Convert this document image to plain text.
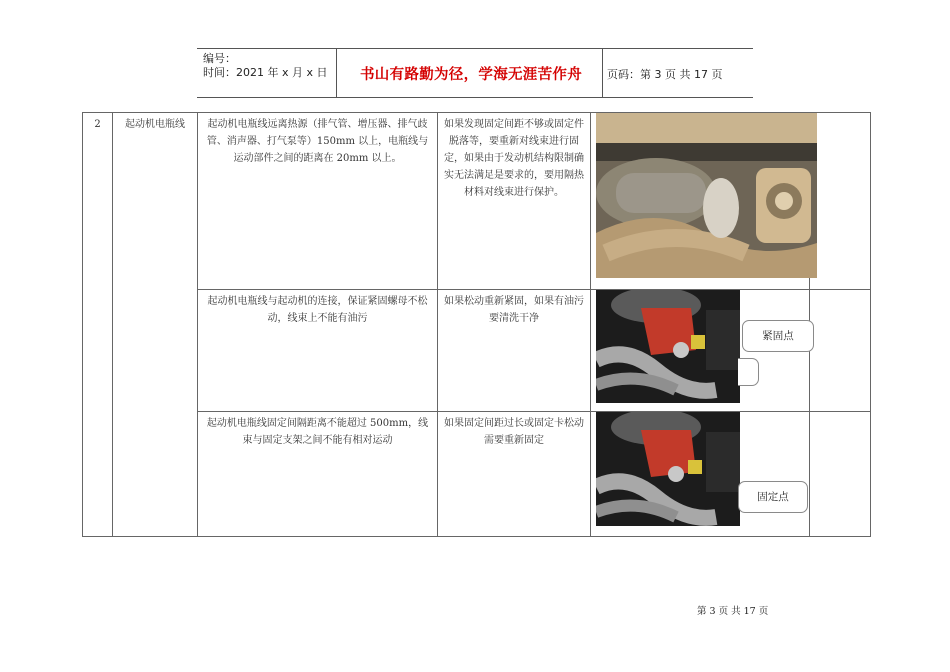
编号：
时间：2021 年 x 月 x 日	书山有路勤为径，学海无涯苦作舟	页码：第 3 页 共 17 页
2	起动机电瓶线	起动机电瓶线远离热源（排气管、增压器、排气歧管、消声器、打气泵等）150mm 以上，电瓶线与运动部件之间的距离在 20mm 以上。	如果发现固定间距不够或固定件脱落等，要重新对线束进行固定，如果由于发动机结构限制确实无法满足是要求的，要用隔热材料对线束进行保护。	

		起动机电瓶线与起动机的连接，保证紧固螺母不松动，线束上不能有油污	如果松动重新紧固，如果有油污要清洗干净	

		起动机电瓶线固定间隔距离不能超过 500mm，线束与固定支架之间不能有相对运动	如果固定间距过长或固定卡松动需要重新固定	

紧固点
固定点
第 3 页 共 17 页
